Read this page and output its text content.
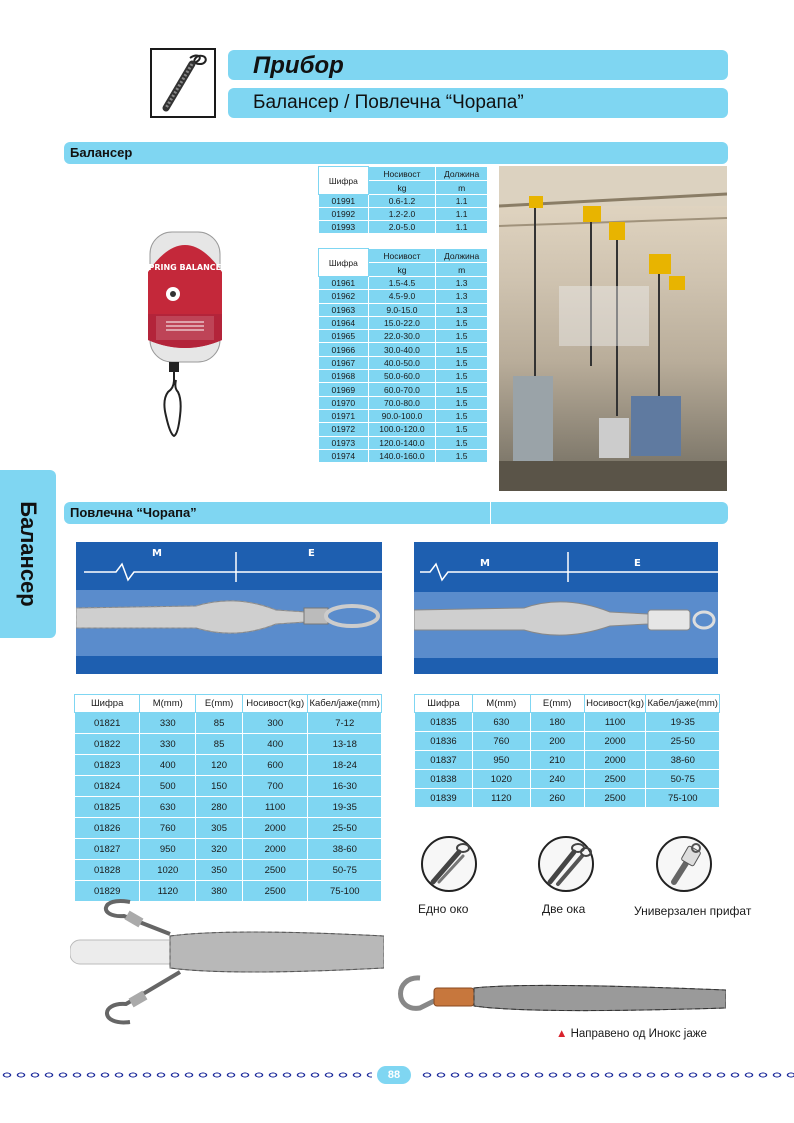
Прибор
Балансер / Повлечна “Чорапа”
Балансер
SPRING BALANCER
Шифра	Носивост	Должина
	kg	m
01991	0.6-1.2	1.1
01992	1.2-2.0	1.1
01993	2.0-5.0	1.1
Шифра	Носивост	Должина
	kg	m
01961	1.5-4.5	1.3
01962	4.5-9.0	1.3
01963	9.0-15.0	1.3
01964	15.0-22.0	1.5
01965	22.0-30.0	1.5
01966	30.0-40.0	1.5
01967	40.0-50.0	1.5
01968	50.0-60.0	1.5
01969	60.0-70.0	1.5
01970	70.0-80.0	1.5
01971	90.0-100.0	1.5
01972	100.0-120.0	1.5
01973	120.0-140.0	1.5
01974	140.0-160.0	1.5
Балансер Повлечна “Чорапа”
M	E
M	E
Шифра	M(mm)	E(mm)	Носивост(kg)	Кабел/јаже(mm)
01821	330	85	300	7-12
01822	330	85	400	13-18
01823	400	120	600	18-24
01824	500	150	700	16-30
01825	630	280	1100	19-35
01826	760	305	2000	25-50
01827	950	320	2000	38-60
01828	1020	350	2500	50-75
01829	1120	380	2500	75-100
Шифра	M(mm)	E(mm)	Носивост(kg)	Кабел/јаже(mm)
01835	630	180	1100	19-35
01836	760	200	2000	25-50
01837	950	210	2000	38-60
01838	1020	240	2500	50-75
01839	1120	260	2500	75-100
Едно око	Две ока	Универзален прифат
▲ Направено од Инокс јаже
88
